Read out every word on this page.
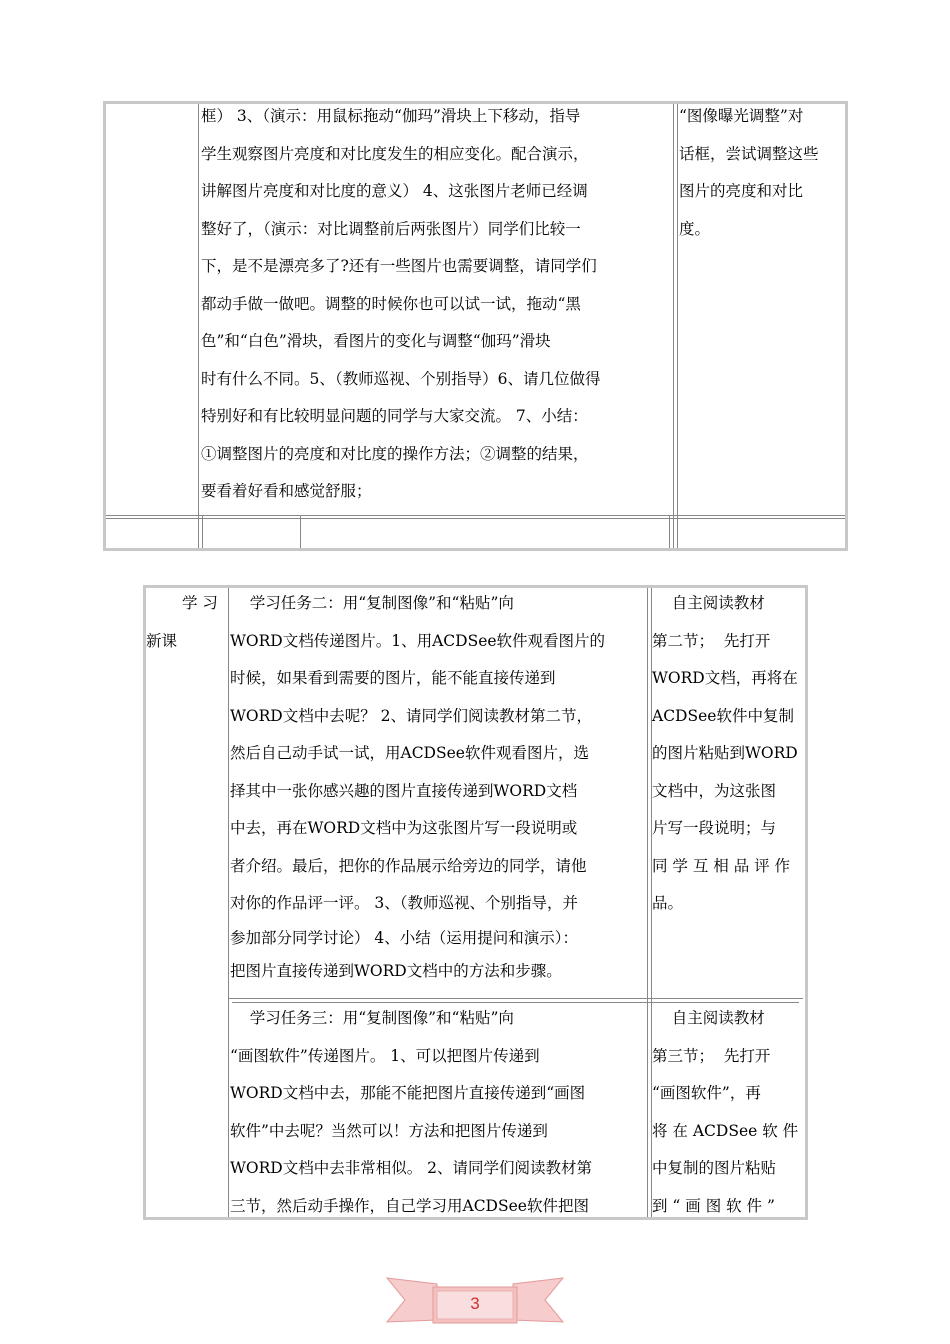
框） 3、（演示：用鼠标拖动“伽玛”滑块上下移动，指导
学生观察图片亮度和对比度发生的相应变化。配合演示，
讲解图片亮度和对比度的意义） 4、这张图片老师已经调
整好了，（演示：对比调整前后两张图片）同学们比较一
下，是不是漂亮多了?还有一些图片也需要调整，请同学们
都动手做一做吧。调整的时候你也可以试一试，拖动“黑
色”和“白色”滑块，看图片的变化与调整“伽玛”滑块
时有什么不同。5、（教师巡视、个别指导）6、请几位做得
特别好和有比较明显问题的同学与大家交流。 7、小结：
①调整图片的亮度和对比度的操作方法；②调整的结果，
要看着好看和感觉舒服；
“图像曝光调整”对
话框，尝试调整这些
图片的亮度和对比
度。
学 习
新课
学习任务二：用“复制图像”和“粘贴”向
WORD文档传递图片。1、用ACDSee软件观看图片的
时候，如果看到需要的图片，能不能直接传递到
WORD文档中去呢？ 2、请同学们阅读教材第二节，
然后自己动手试一试，用ACDSee软件观看图片，选
择其中一张你感兴趣的图片直接传递到WORD文档
中去，再在WORD文档中为这张图片写一段说明或
者介绍。最后，把你的作品展示给旁边的同学，请他
对你的作品评一评。 3、（教师巡视、个别指导，并
参加部分同学讨论） 4、小结（运用提问和演示）：
把图片直接传递到WORD文档中的方法和步骤。
自主阅读教材
第二节；  先打开
WORD文档，再将在
ACDSee软件中复制
的图片粘贴到WORD
文档中，为这张图
片写一段说明；与
同 学 互 相 品 评 作
品。
学习任务三：用“复制图像”和“粘贴”向
“画图软件”传递图片。 1、可以把图片传递到
WORD文档中去，那能不能把图片直接传递到“画图
软件”中去呢？当然可以！方法和把图片传递到
WORD文档中去非常相似。 2、请同学们阅读教材第
三节，然后动手操作，自己学习用ACDSee软件把图
自主阅读教材
第三节；  先打开
“画图软件”，再
将 在 ACDSee 软 件
中复制的图片粘贴
到 “ 画 图 软 件 ”
3
